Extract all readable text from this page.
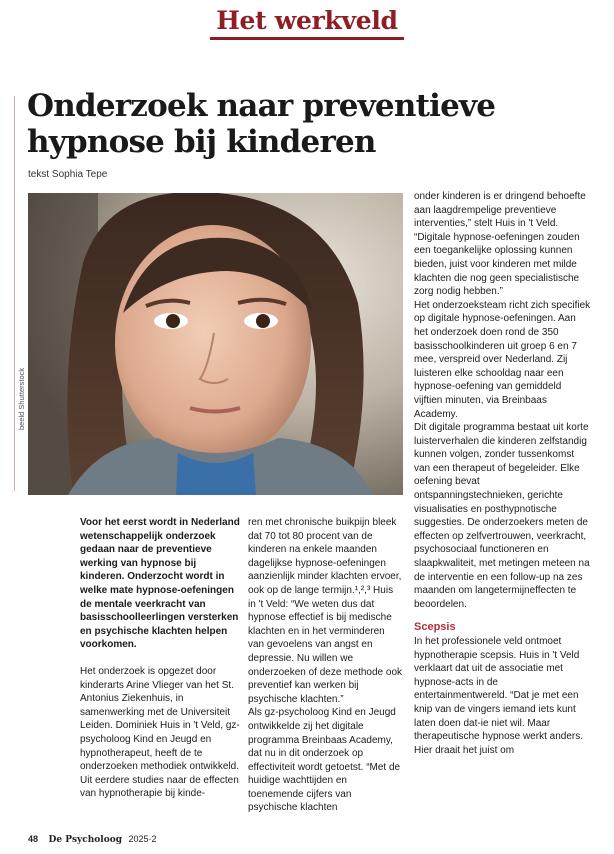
Het werkveld
Onderzoek naar preventieve hypnose bij kinderen
tekst Sophia Tepe
beeld Shutterstock

Voor het eerst wordt in Nederland wetenschappelijk onderzoek gedaan naar de preventieve werking van hypnose bij kinderen. Onderzocht wordt in welke mate hypnose-oefeningen de mentale veerkracht van basisschoolleerlingen versterken en psychische klachten helpen voorkomen.

Het onderzoek is opgezet door kinderarts Arine Vlieger van het St. Antonius Ziekenhuis, in samenwerking met de Universiteit Leiden. Dominiek Huis in 't Veld, gz-psycholoog Kind en Jeugd en hypnotherapeut, heeft de te onderzoeken methodiek ontwikkeld. Uit eerdere studies naar de effecten van hypnotherapie bij kinde-

ren met chronische buikpijn bleek dat 70 tot 80 procent van de kinderen na enkele maanden dagelijkse hypnose-oefeningen aanzienlijk minder klachten ervoer, ook op de lange termijn.¹,²,³ Huis in 't Veld: “We weten dus dat hypnose effectief is bij medische klachten en in het verminderen van gevoelens van angst en depressie. Nu willen we onderzoeken of deze methode ook preventief kan werken bij psychische klachten.”

Als gz-psycholoog Kind en Jeugd ontwikkelde zij het digitale programma Breinbaas Academy, dat nu in dit onderzoek op effectiviteit wordt getoetst. “Met de huidige wachttijden en toenemende cijfers van psychische klachten

onder kinderen is er dringend behoefte aan laagdrempelige preventieve interventies,” stelt Huis in 't Veld. “Digitale hypnose-oefeningen zouden een toegankelijke oplossing kunnen bieden, juist voor kinderen met milde klachten die nog geen specialistische zorg nodig hebben.”

Het onderzoeksteam richt zich specifiek op digitale hypnose-oefeningen. Aan het onderzoek doen rond de 350 basisschoolkinderen uit groep 6 en 7 mee, verspreid over Nederland. Zij luisteren elke schooldag naar een hypnose-oefening van gemiddeld vijftien minuten, via Breinbaas Academy.

Dit digitale programma bestaat uit korte luisterverhalen die kinderen zelfstandig kunnen volgen, zonder tussenkomst van een therapeut of begeleider. Elke oefening bevat ontspanningstechnieken, gerichte visualisaties en posthypnotische suggesties. De onderzoekers meten de effecten op zelfvertrouwen, veerkracht, psychosociaal functioneren en slaapkwaliteit, met metingen meteen na de interventie en een follow-up na zes maanden om langetermijneffecten te beoordelen.

Scepsis

In het professionele veld ontmoet hypnotherapie scepsis. Huis in 't Veld verklaart dat uit de associatie met hypnose-acts in de entertainmentwereld. “Dat je met een knip van de vingers iemand iets kunt laten doen dat-ie niet wil. Maar therapeutische hypnose werkt anders. Hier draait het juist om

48 De Psycholoog 2025·2
